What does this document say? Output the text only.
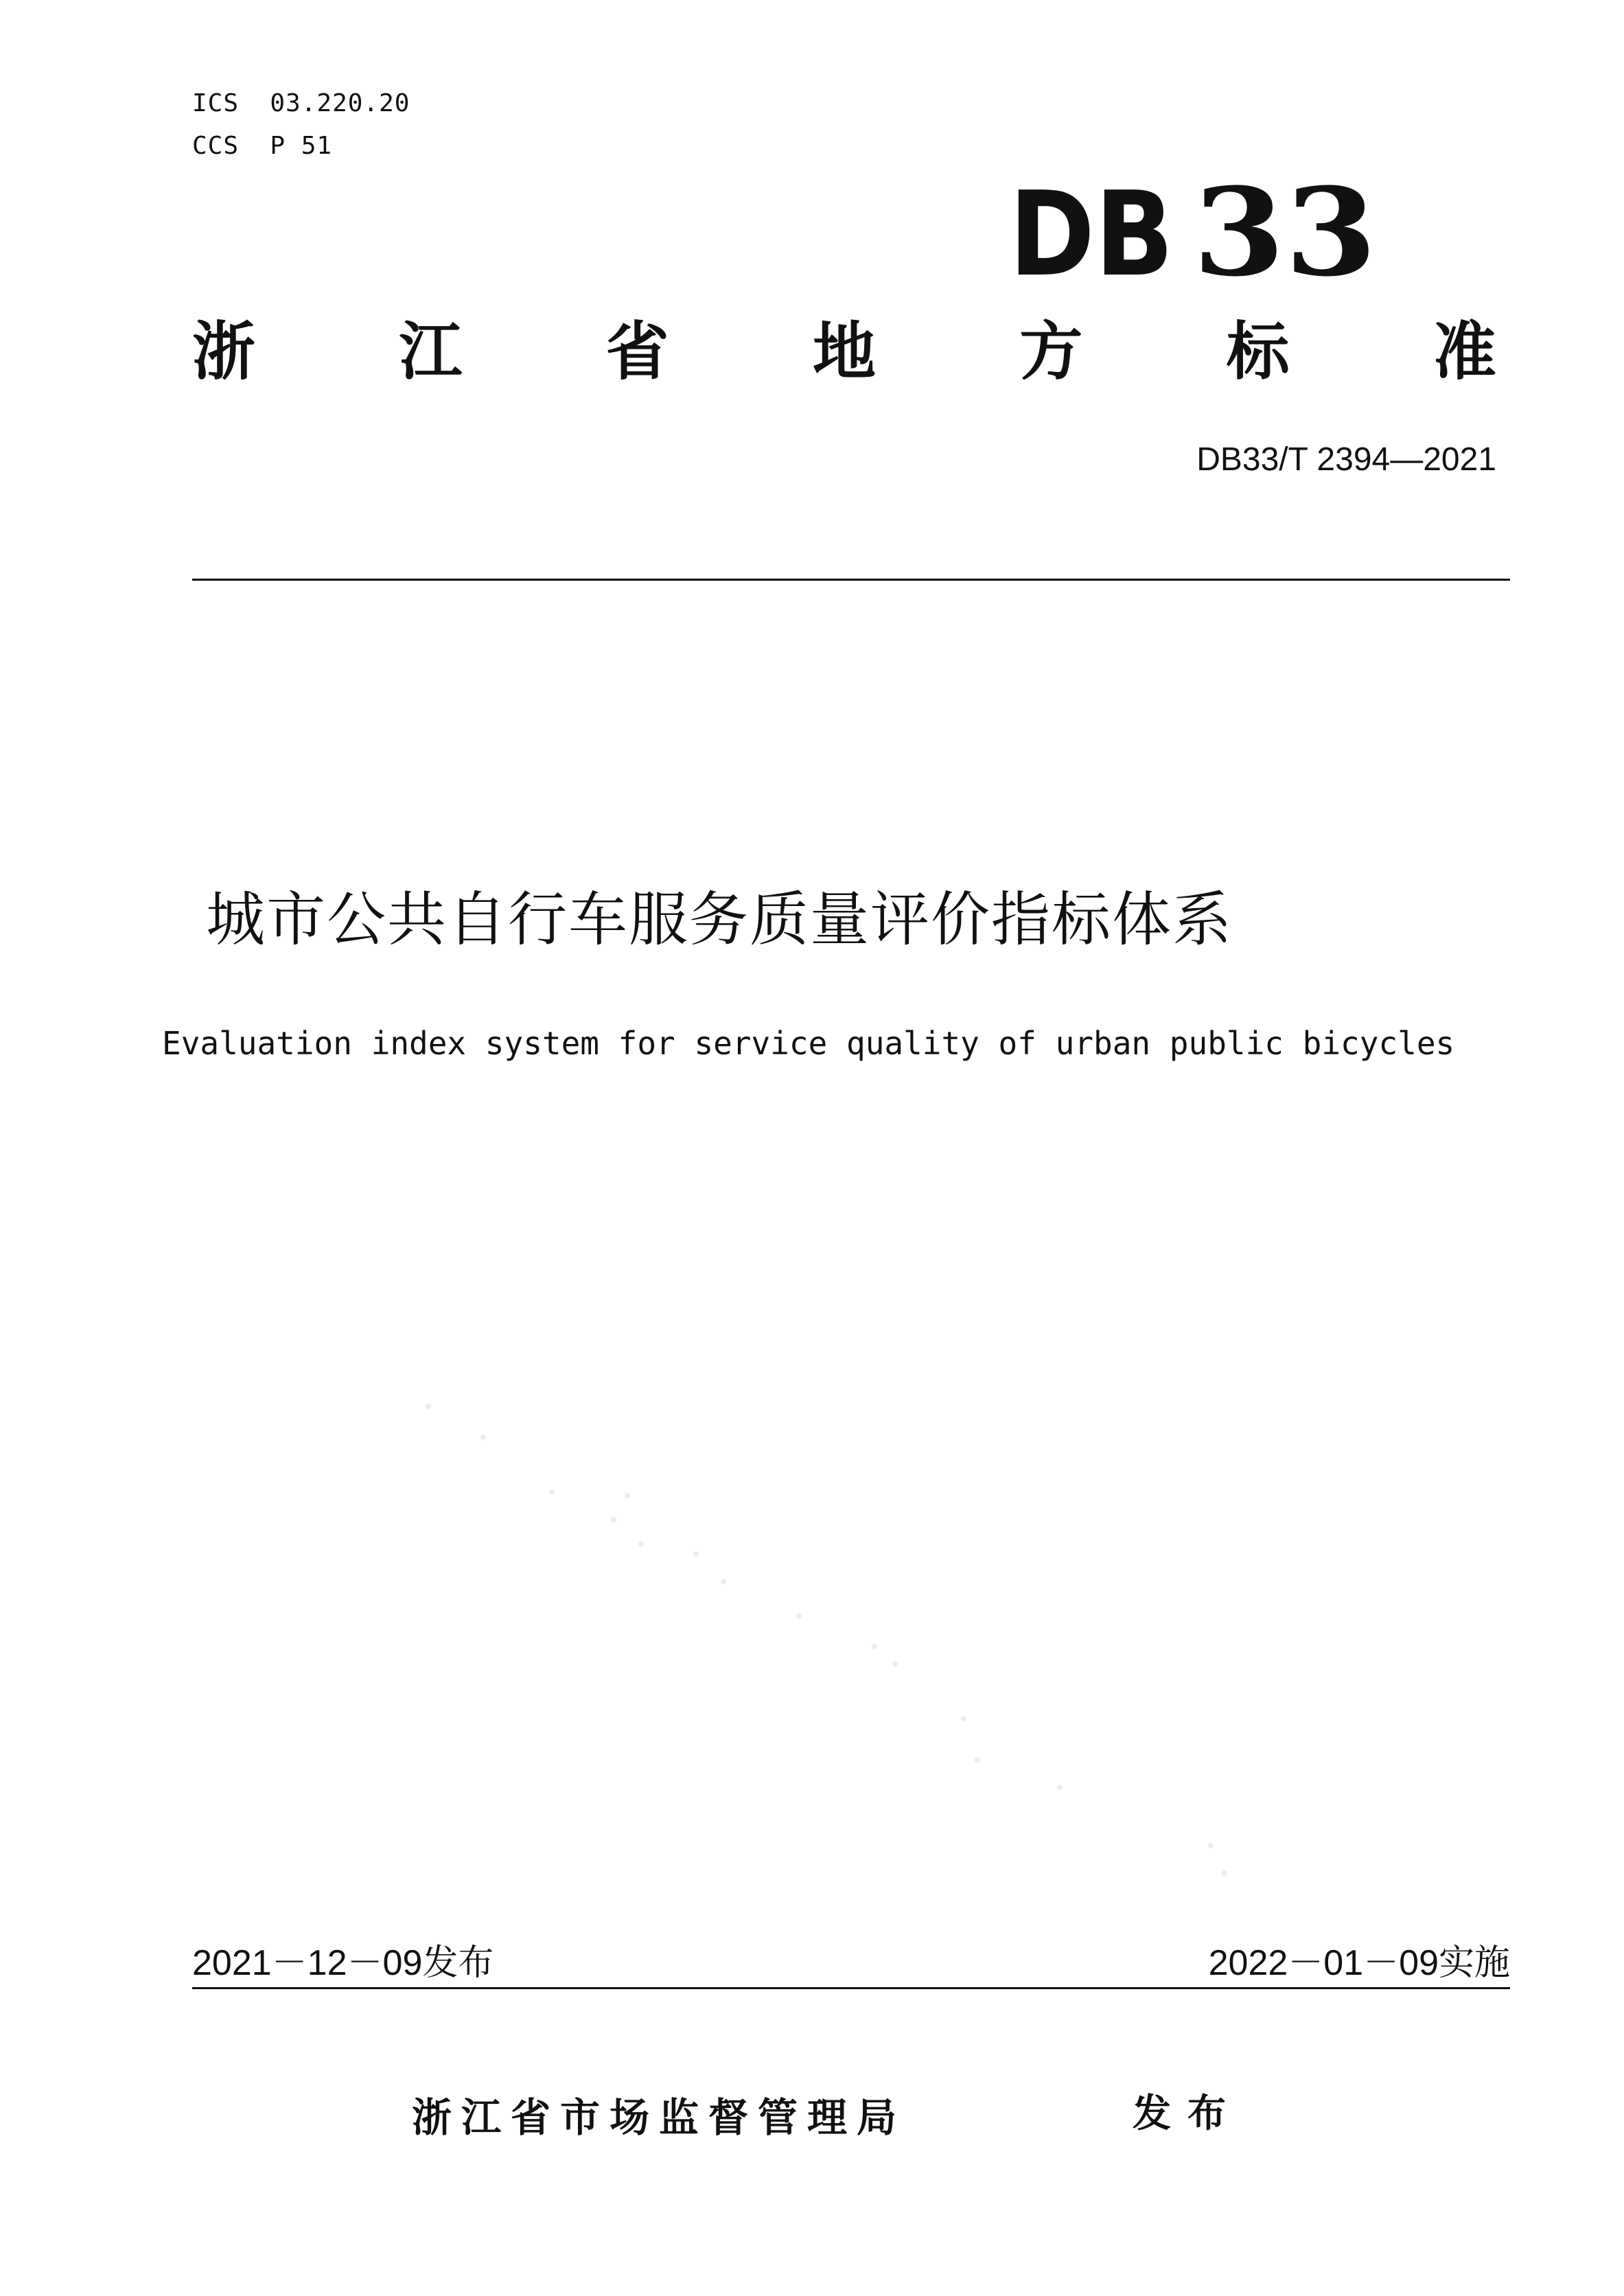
ICS  03.220.20
CCS  P 51
DB 33
浙 江 省 地 方 标 准
DB33/T 2394—2021
城市公共自行车服务质量评价指标体系
Evaluation index system for service quality of urban public bicycles
2021－12－09发布	2022－01－09实施
浙江省市场监督管理局	发布
